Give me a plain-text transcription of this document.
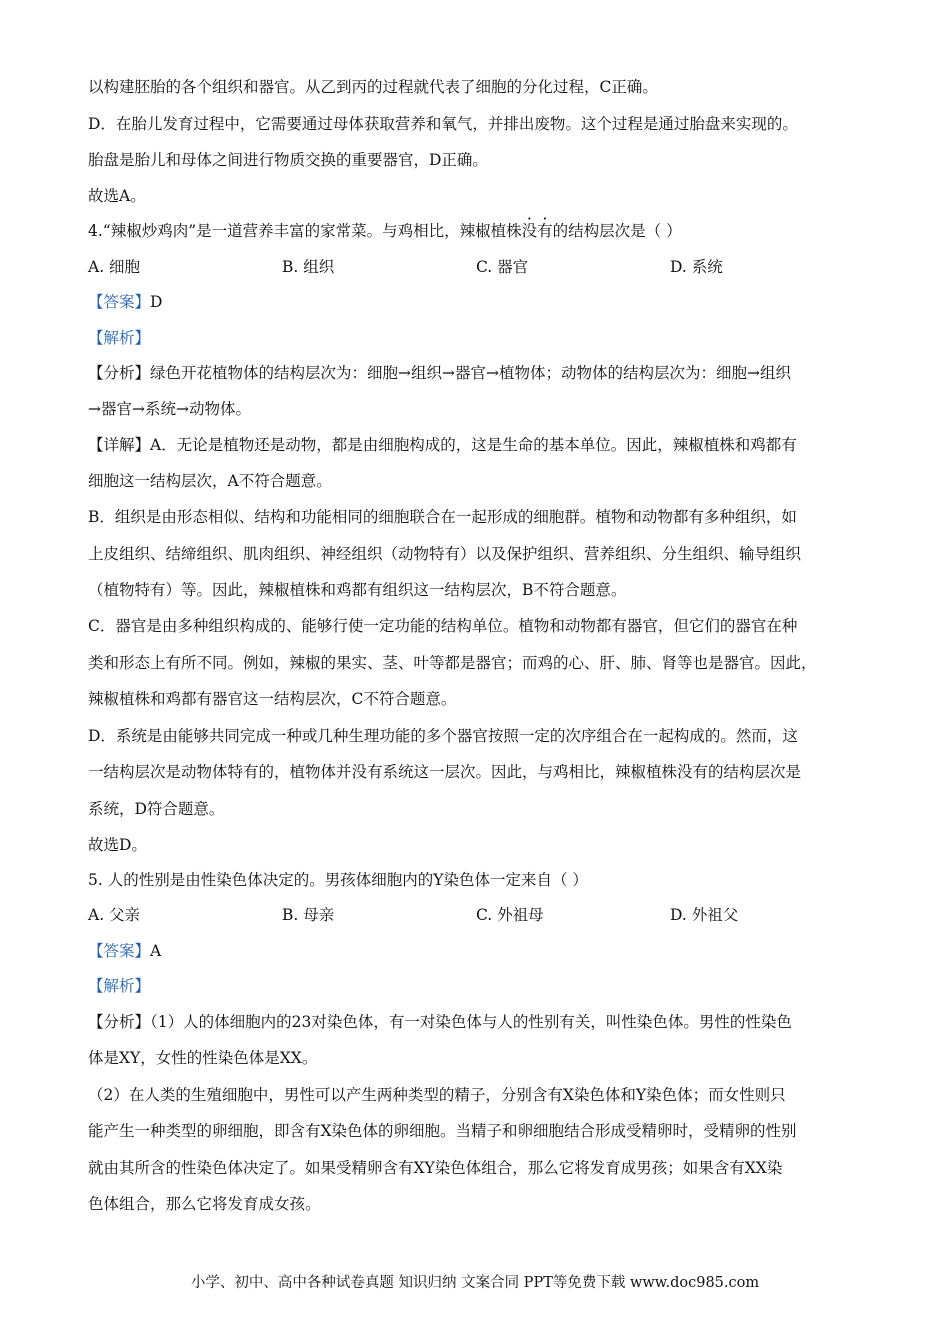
以构建胚胎的各个组织和器官。从乙到丙的过程就代表了细胞的分化过程，C正确。
D．在胎儿发育过程中，它需要通过母体获取营养和氧气，并排出废物。这个过程是通过胎盘来实现的。
胎盘是胎儿和母体之间进行物质交换的重要器官，D正确。
故选A。
4.“辣椒炒鸡肉”是一道营养丰富的家常菜。与鸡相比，辣椒植株没有的结构层次是（ ）
A. 细胞	B. 组织	C. 器官	D. 系统
【答案】D
【解析】
【分析】绿色开花植物体的结构层次为：细胞→组织→器官→植物体；动物体的结构层次为：细胞→组织
→器官→系统→动物体。
【详解】A．无论是植物还是动物，都是由细胞构成的，这是生命的基本单位。因此，辣椒植株和鸡都有
细胞这一结构层次，A不符合题意。
B．组织是由形态相似、结构和功能相同的细胞联合在一起形成的细胞群。植物和动物都有多种组织，如
上皮组织、结缔组织、肌肉组织、神经组织（动物特有）以及保护组织、营养组织、分生组织、输导组织
（植物特有）等。因此，辣椒植株和鸡都有组织这一结构层次，B不符合题意。
C．器官是由多种组织构成的、能够行使一定功能的结构单位。植物和动物都有器官，但它们的器官在种
类和形态上有所不同。例如，辣椒的果实、茎、叶等都是器官；而鸡的心、肝、肺、肾等也是器官。因此，
辣椒植株和鸡都有器官这一结构层次，C不符合题意。
D．系统是由能够共同完成一种或几种生理功能的多个器官按照一定的次序组合在一起构成的。然而，这
一结构层次是动物体特有的，植物体并没有系统这一层次。因此，与鸡相比，辣椒植株没有的结构层次是
系统，D符合题意。
故选D。
5. 人的性别是由性染色体决定的。男孩体细胞内的Y染色体一定来自（ ）
A. 父亲	B. 母亲	C. 外祖母	D. 外祖父
【答案】A
【解析】
【分析】（1）人的体细胞内的23对染色体，有一对染色体与人的性别有关，叫性染色体。男性的性染色
体是XY，女性的性染色体是XX。
（2）在人类的生殖细胞中，男性可以产生两种类型的精子，分别含有X染色体和Y染色体；而女性则只
能产生一种类型的卵细胞，即含有X染色体的卵细胞。当精子和卵细胞结合形成受精卵时，受精卵的性别
就由其所含的性染色体决定了。如果受精卵含有XY染色体组合，那么它将发育成男孩；如果含有XX染
色体组合，那么它将发育成女孩。
小学、初中、高中各种试卷真题 知识归纳 文案合同 PPT等免费下载 www.doc985.com
